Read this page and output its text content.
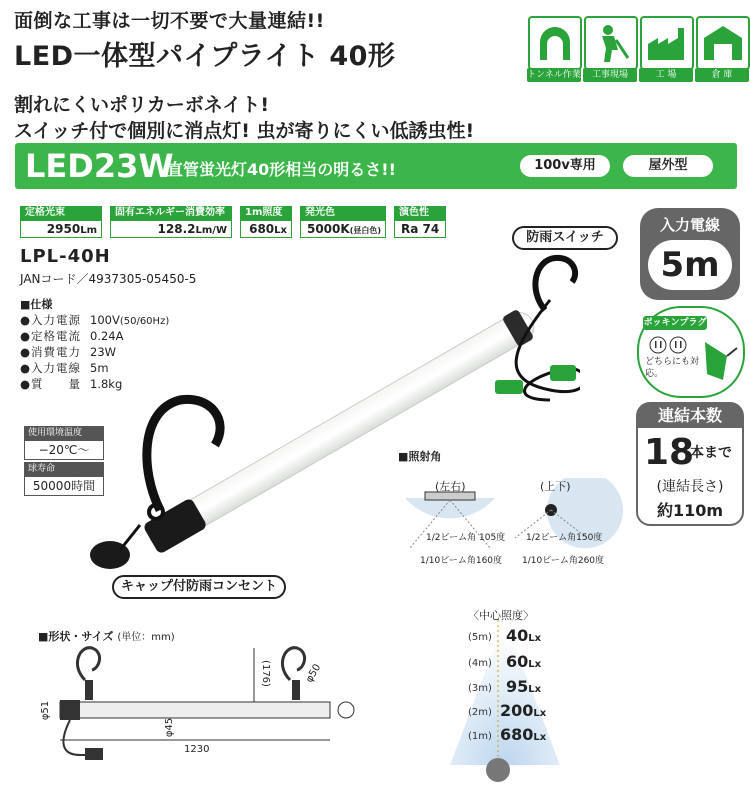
面倒な工事は一切不要で大量連結!!
LED一体型パイプライト 40形
トンネル作業	工事現場	工 場	倉 庫
割れにくいポリカーボネイト!
スイッチ付で個別に消点灯! 虫が寄りにくい低誘虫性!
LED23W
直管蛍光灯40形相当の明るさ!!	100v専用	屋外型
定格光束
2950Lm
固有エネルギー消費効率
128.2Lm/W
1m照度
680Lx
発光色
5000K(昼白色)
演色性
Ra 74
LPL-40H
JANコード／4937305-05450-5
■仕様
●入力電源 100V(50/60Hz)
●定格電流 0.24A
●消費電力 23W
●入力電線 5m
●質　　量 1.8kg
使用環境温度
−20℃〜
球寿命
50000時間
防雨スイッチ
キャップ付防雨コンセント
入力電線
5m
ポッキンプラグ
どちらにも対応。
連結本数
18
本まで
(連結長さ)
約110m
■照射角
(左右)	(上下)
1/2ビーム角 105度
1/10ビーム角160度
1/2ビーム角150度
1/10ビーム角260度
■形状・サイズ (単位：mm)
(176)	φ50
φ51
φ45
1230
〈中心照度〉
(5m) 40Lx
(4m) 60Lx
(3m) 95Lx
(2m) 200Lx
(1m) 680Lx
